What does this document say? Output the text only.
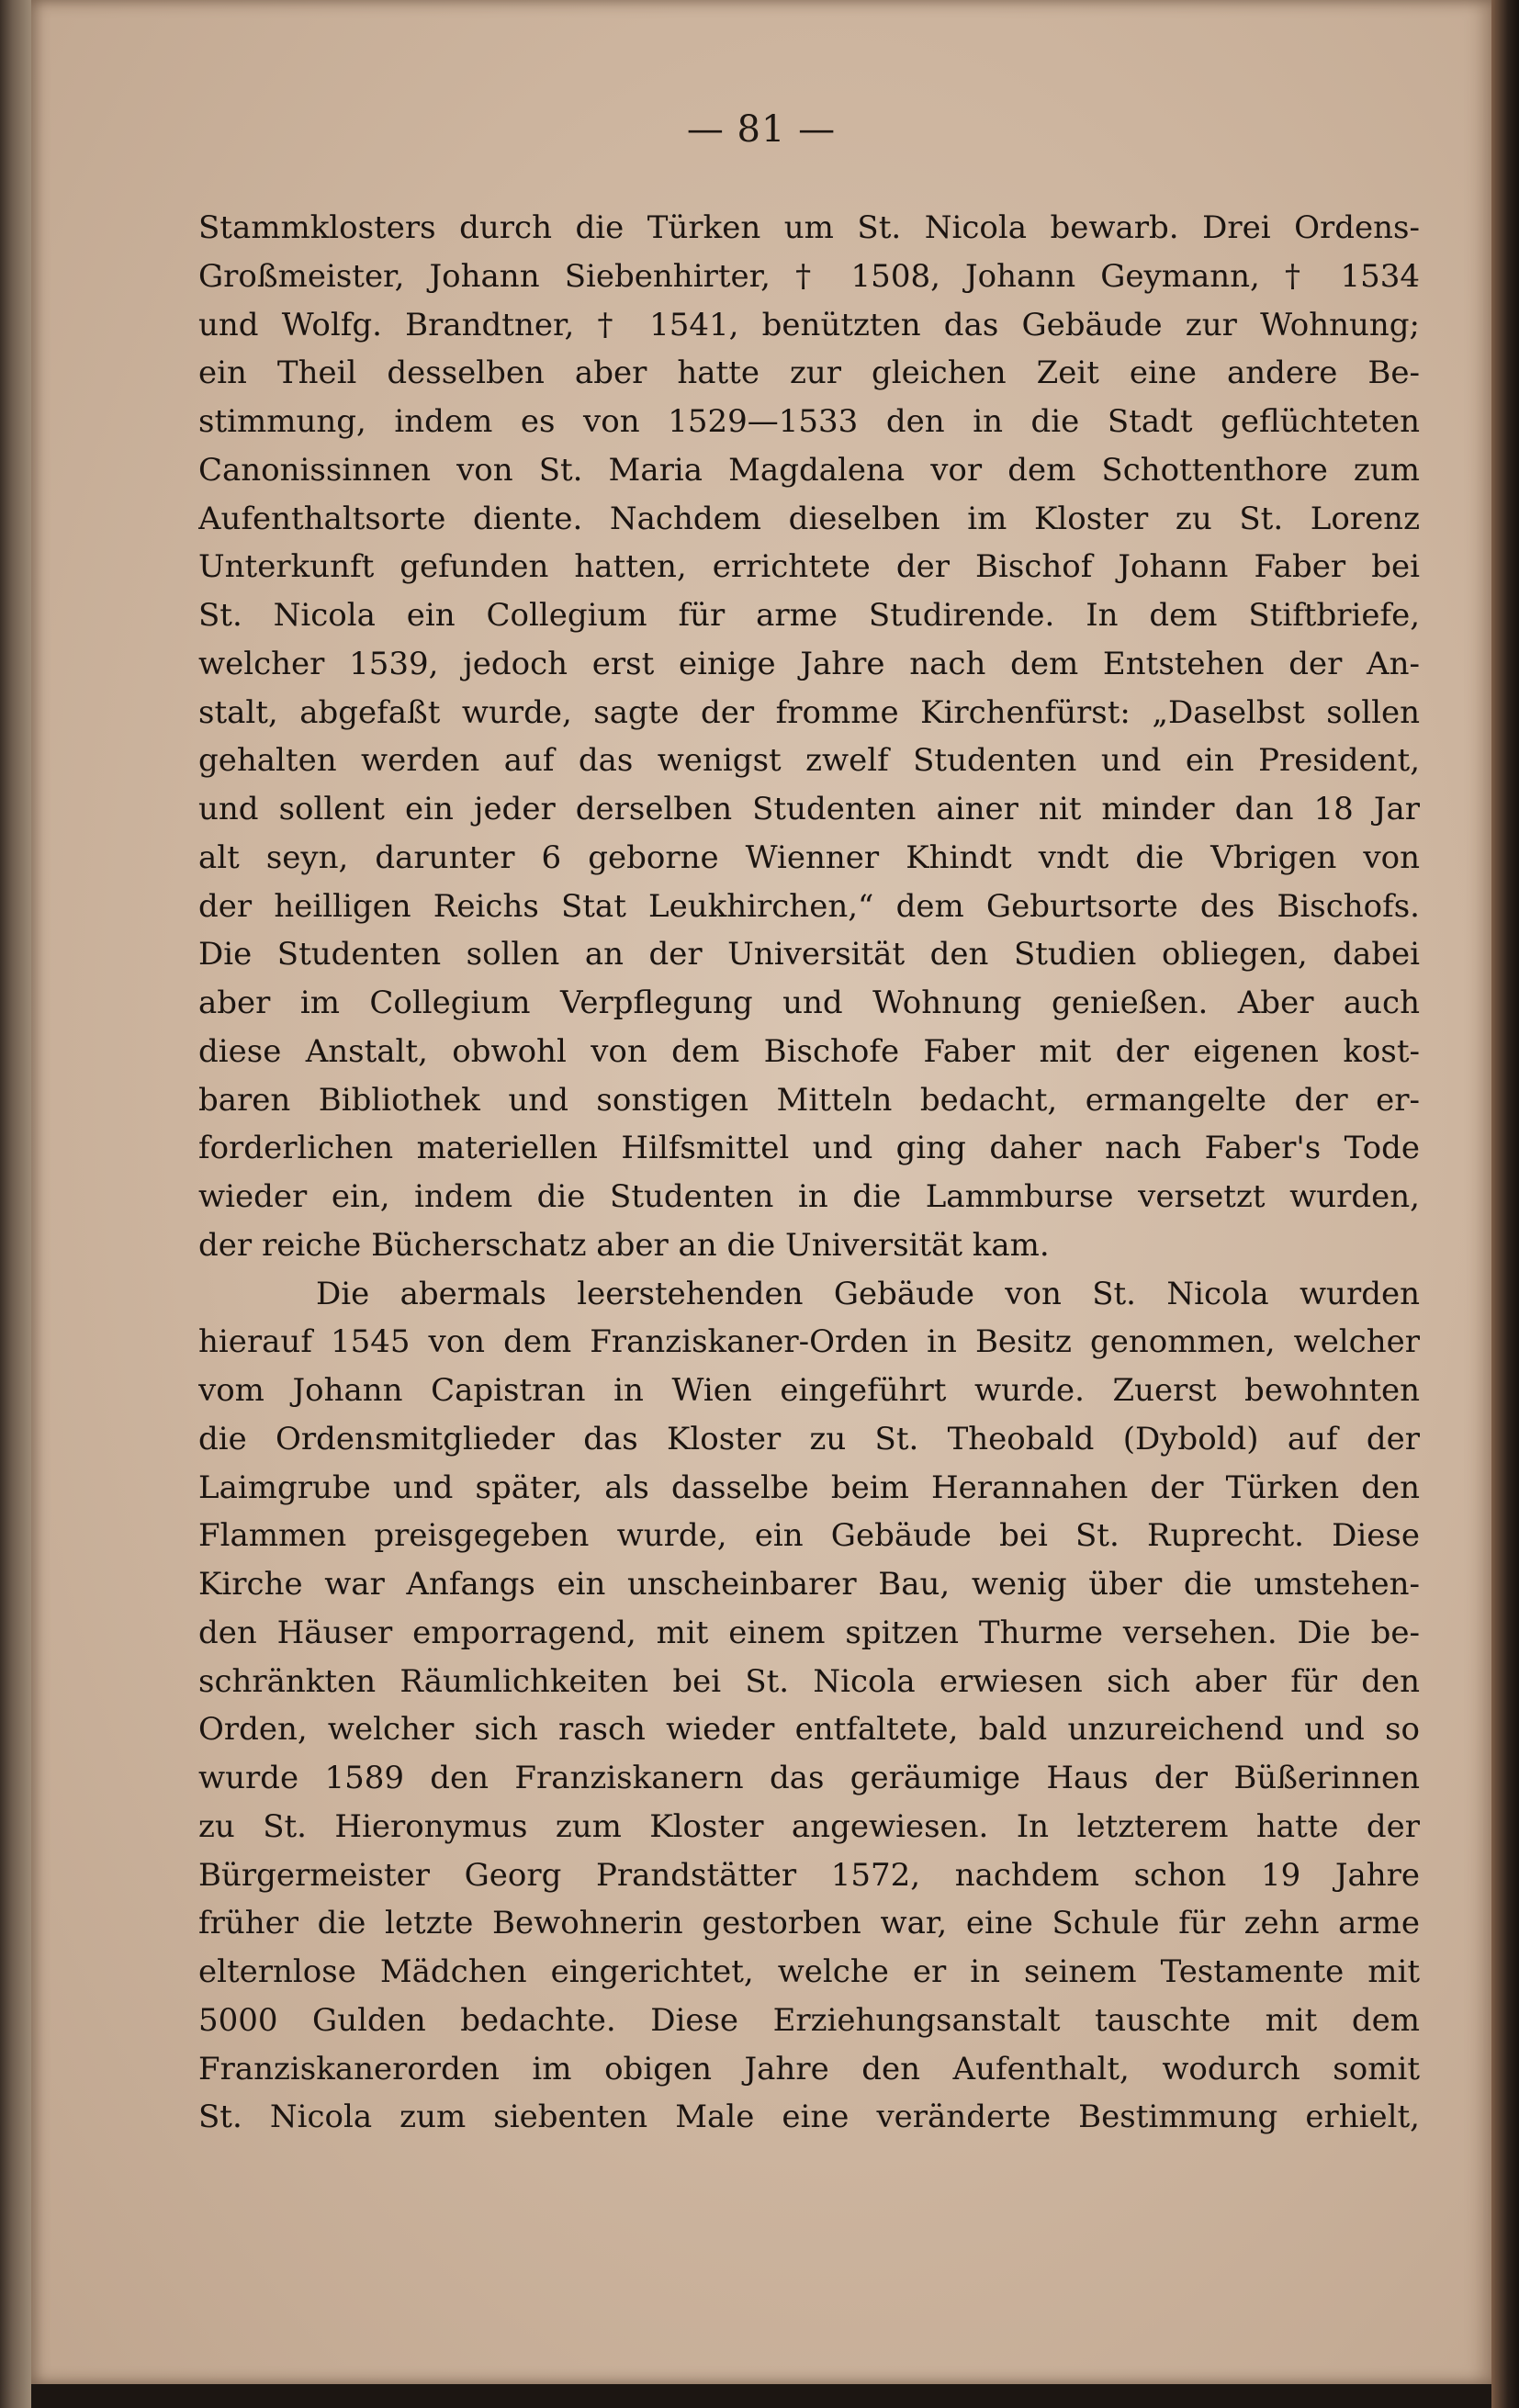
— 81 —
Stammklosters durch die Türken um St. Nicola bewarb. Drei Ordens-
Großmeister, Johann Siebenhirter, † 1508, Johann Geymann, † 1534
und Wolfg. Brandtner, † 1541, benützten das Gebäude zur Wohnung;
ein Theil desselben aber hatte zur gleichen Zeit eine andere Be-
stimmung, indem es von 1529—1533 den in die Stadt geflüchteten
Canonissinnen von St. Maria Magdalena vor dem Schottenthore zum
Aufenthaltsorte diente. Nachdem dieselben im Kloster zu St. Lorenz
Unterkunft gefunden hatten, errichtete der Bischof Johann Faber bei
St. Nicola ein Collegium für arme Studirende. In dem Stiftbriefe,
welcher 1539, jedoch erst einige Jahre nach dem Entstehen der An-
stalt, abgefaßt wurde, sagte der fromme Kirchenfürst: „Daselbst sollen
gehalten werden auf das wenigst zwelf Studenten und ein President,
und sollent ein jeder derselben Studenten ainer nit minder dan 18 Jar
alt seyn, darunter 6 geborne Wienner Khindt vndt die Vbrigen von
der heilligen Reichs Stat Leukhirchen,“ dem Geburtsorte des Bischofs.
Die Studenten sollen an der Universität den Studien obliegen, dabei
aber im Collegium Verpflegung und Wohnung genießen. Aber auch
diese Anstalt, obwohl von dem Bischofe Faber mit der eigenen kost-
baren Bibliothek und sonstigen Mitteln bedacht, ermangelte der er-
forderlichen materiellen Hilfsmittel und ging daher nach Faber's Tode
wieder ein, indem die Studenten in die Lammburse versetzt wurden,
der reiche Bücherschatz aber an die Universität kam.
Die abermals leerstehenden Gebäude von St. Nicola wurden
hierauf 1545 von dem Franziskaner-Orden in Besitz genommen, welcher
vom Johann Capistran in Wien eingeführt wurde. Zuerst bewohnten
die Ordensmitglieder das Kloster zu St. Theobald (Dybold) auf der
Laimgrube und später, als dasselbe beim Herannahen der Türken den
Flammen preisgegeben wurde, ein Gebäude bei St. Ruprecht. Diese
Kirche war Anfangs ein unscheinbarer Bau, wenig über die umstehen-
den Häuser emporragend, mit einem spitzen Thurme versehen. Die be-
schränkten Räumlichkeiten bei St. Nicola erwiesen sich aber für den
Orden, welcher sich rasch wieder entfaltete, bald unzureichend und so
wurde 1589 den Franziskanern das geräumige Haus der Büßerinnen
zu St. Hieronymus zum Kloster angewiesen. In letzterem hatte der
Bürgermeister Georg Prandstätter 1572, nachdem schon 19 Jahre
früher die letzte Bewohnerin gestorben war, eine Schule für zehn arme
elternlose Mädchen eingerichtet, welche er in seinem Testamente mit
5000 Gulden bedachte. Diese Erziehungsanstalt tauschte mit dem
Franziskanerorden im obigen Jahre den Aufenthalt, wodurch somit
St. Nicola zum siebenten Male eine veränderte Bestimmung erhielt,
